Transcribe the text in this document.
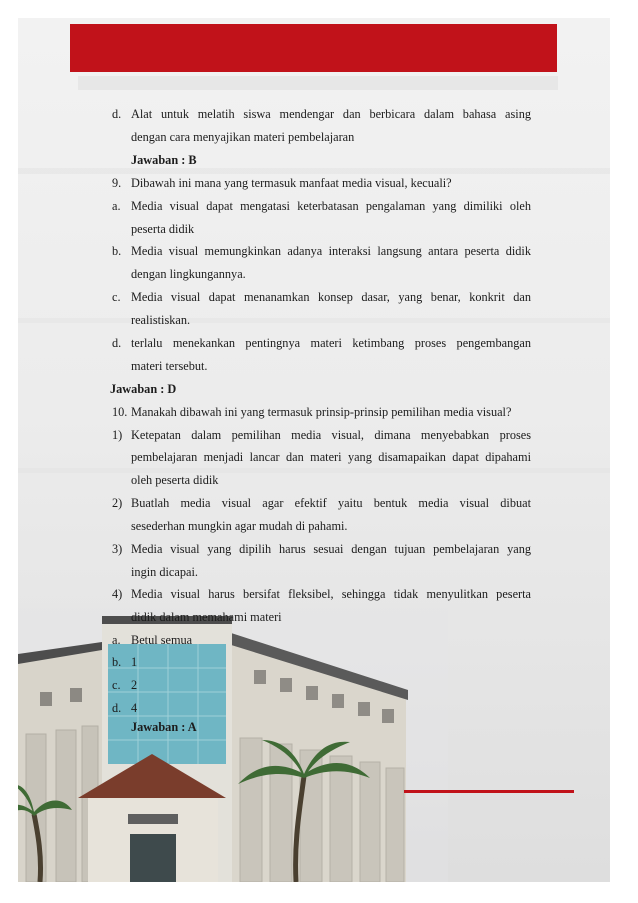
d. Alat untuk melatih siswa mendengar dan berbicara dalam bahasa asing
dengan cara menyajikan materi pembelajaran
Jawaban : B
9. Dibawah ini mana yang termasuk manfaat media visual, kecuali?
a. Media visual dapat mengatasi keterbatasan pengalaman yang dimiliki oleh
peserta didik
b. Media visual memungkinkan adanya interaksi langsung antara peserta didik
dengan lingkungannya.
c. Media visual dapat menanamkan konsep dasar, yang benar, konkrit dan
realistiskan.
d. terlalu menekankan pentingnya materi ketimbang proses pengembangan
materi tersebut.
Jawaban : D
10. Manakah dibawah ini yang termasuk prinsip-prinsip pemilihan media visual?
1) Ketepatan dalam pemilihan media visual, dimana menyebabkan proses
pembelajaran menjadi lancar dan materi yang disamapaikan dapat dipahami
oleh peserta didik
2) Buatlah media visual agar efektif yaitu bentuk media visual dibuat
sesederhan mungkin agar mudah di pahami.
3) Media visual yang dipilih harus sesuai dengan tujuan pembelajaran yang
ingin dicapai.
4) Media visual harus bersifat fleksibel, sehingga tidak menyulitkan peserta
didik dalam memahami materi
a. Betul semua
b. 1
c. 2
d. 4
Jawaban : A
